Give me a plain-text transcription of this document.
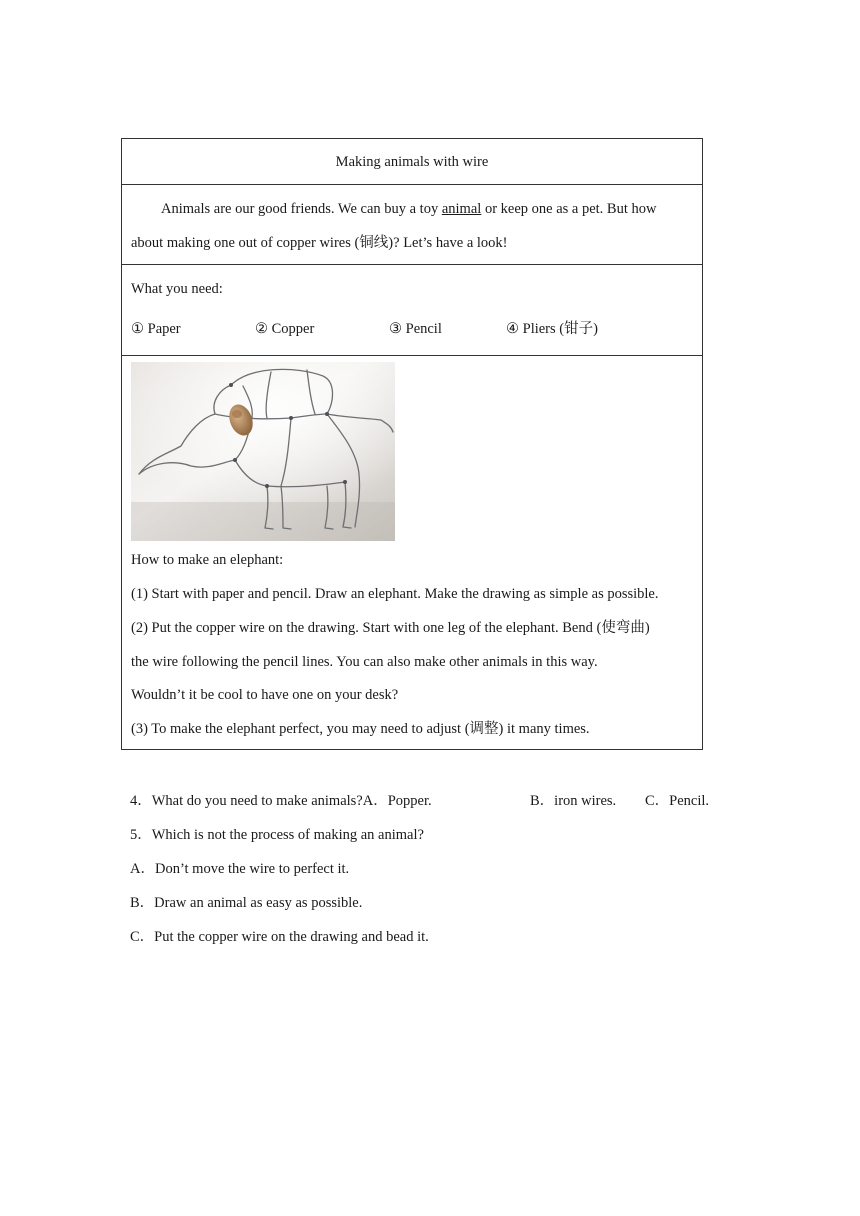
Making animals with wire

Animals are our good friends. We can buy a toy animal or keep one as a pet. But how

about making one out of copper wires (铜线)? Let’s have a look!

What you need:
① Paper	② Copper	③ Pencil	④ Pliers (钳子)
How to make an elephant:
(1) Start with paper and pencil. Draw an elephant. Make the drawing as simple as possible.
(2) Put the copper wire on the drawing. Start with one leg of the elephant. Bend (使弯曲)
the wire following the pencil lines. You can also make other animals in this way.
Wouldn’t it be cool to have one on your desk?
(3) To make the elephant perfect, you may need to adjust (调整) it many times.
4．What do you need to make animals?A．Popper.	B．iron wires. C．Pencil.
5．Which is not the process of making an animal?
A．Don’t move the wire to perfect it.
B．Draw an animal as easy as possible.
C．Put the copper wire on the drawing and bead it.
